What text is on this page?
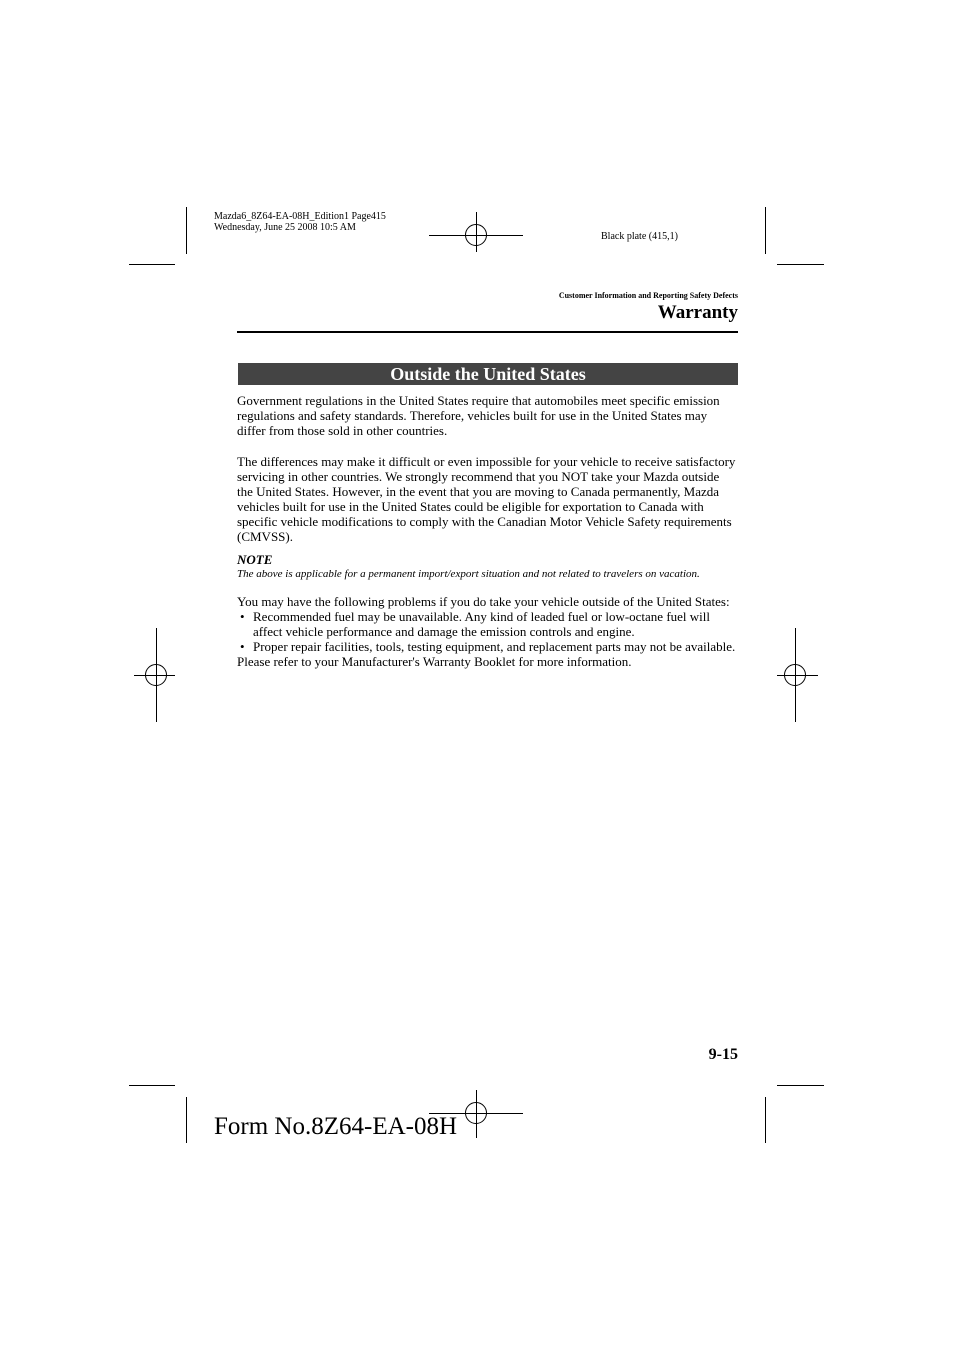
Mazda6_8Z64-EA-08H_Edition1 Page415
Wednesday, June 25 2008 10:5 AM
Black plate (415,1)
Customer Information and Reporting Safety Defects
Warranty
Outside the United States

Government regulations in the United States require that automobiles meet specific emission regulations and safety standards. Therefore, vehicles built for use in the United States may differ from those sold in other countries.

The differences may make it difficult or even impossible for your vehicle to receive satisfactory servicing in other countries. We strongly recommend that you NOT take your Mazda outside the United States. However, in the event that you are moving to Canada permanently, Mazda vehicles built for use in the United States could be eligible for exportation to Canada with specific vehicle modifications to comply with the Canadian Motor Vehicle Safety requirements (CMVSS).

NOTE
The above is applicable for a permanent import/export situation and not related to travelers on vacation.

You may have the following problems if you do take your vehicle outside of the United States:

• Recommended fuel may be unavailable. Any kind of leaded fuel or low-octane fuel will affect vehicle performance and damage the emission controls and engine.
• Proper repair facilities, tools, testing equipment, and replacement parts may not be available.

Please refer to your Manufacturer's Warranty Booklet for more information.

9-15
Form No.8Z64-EA-08H
